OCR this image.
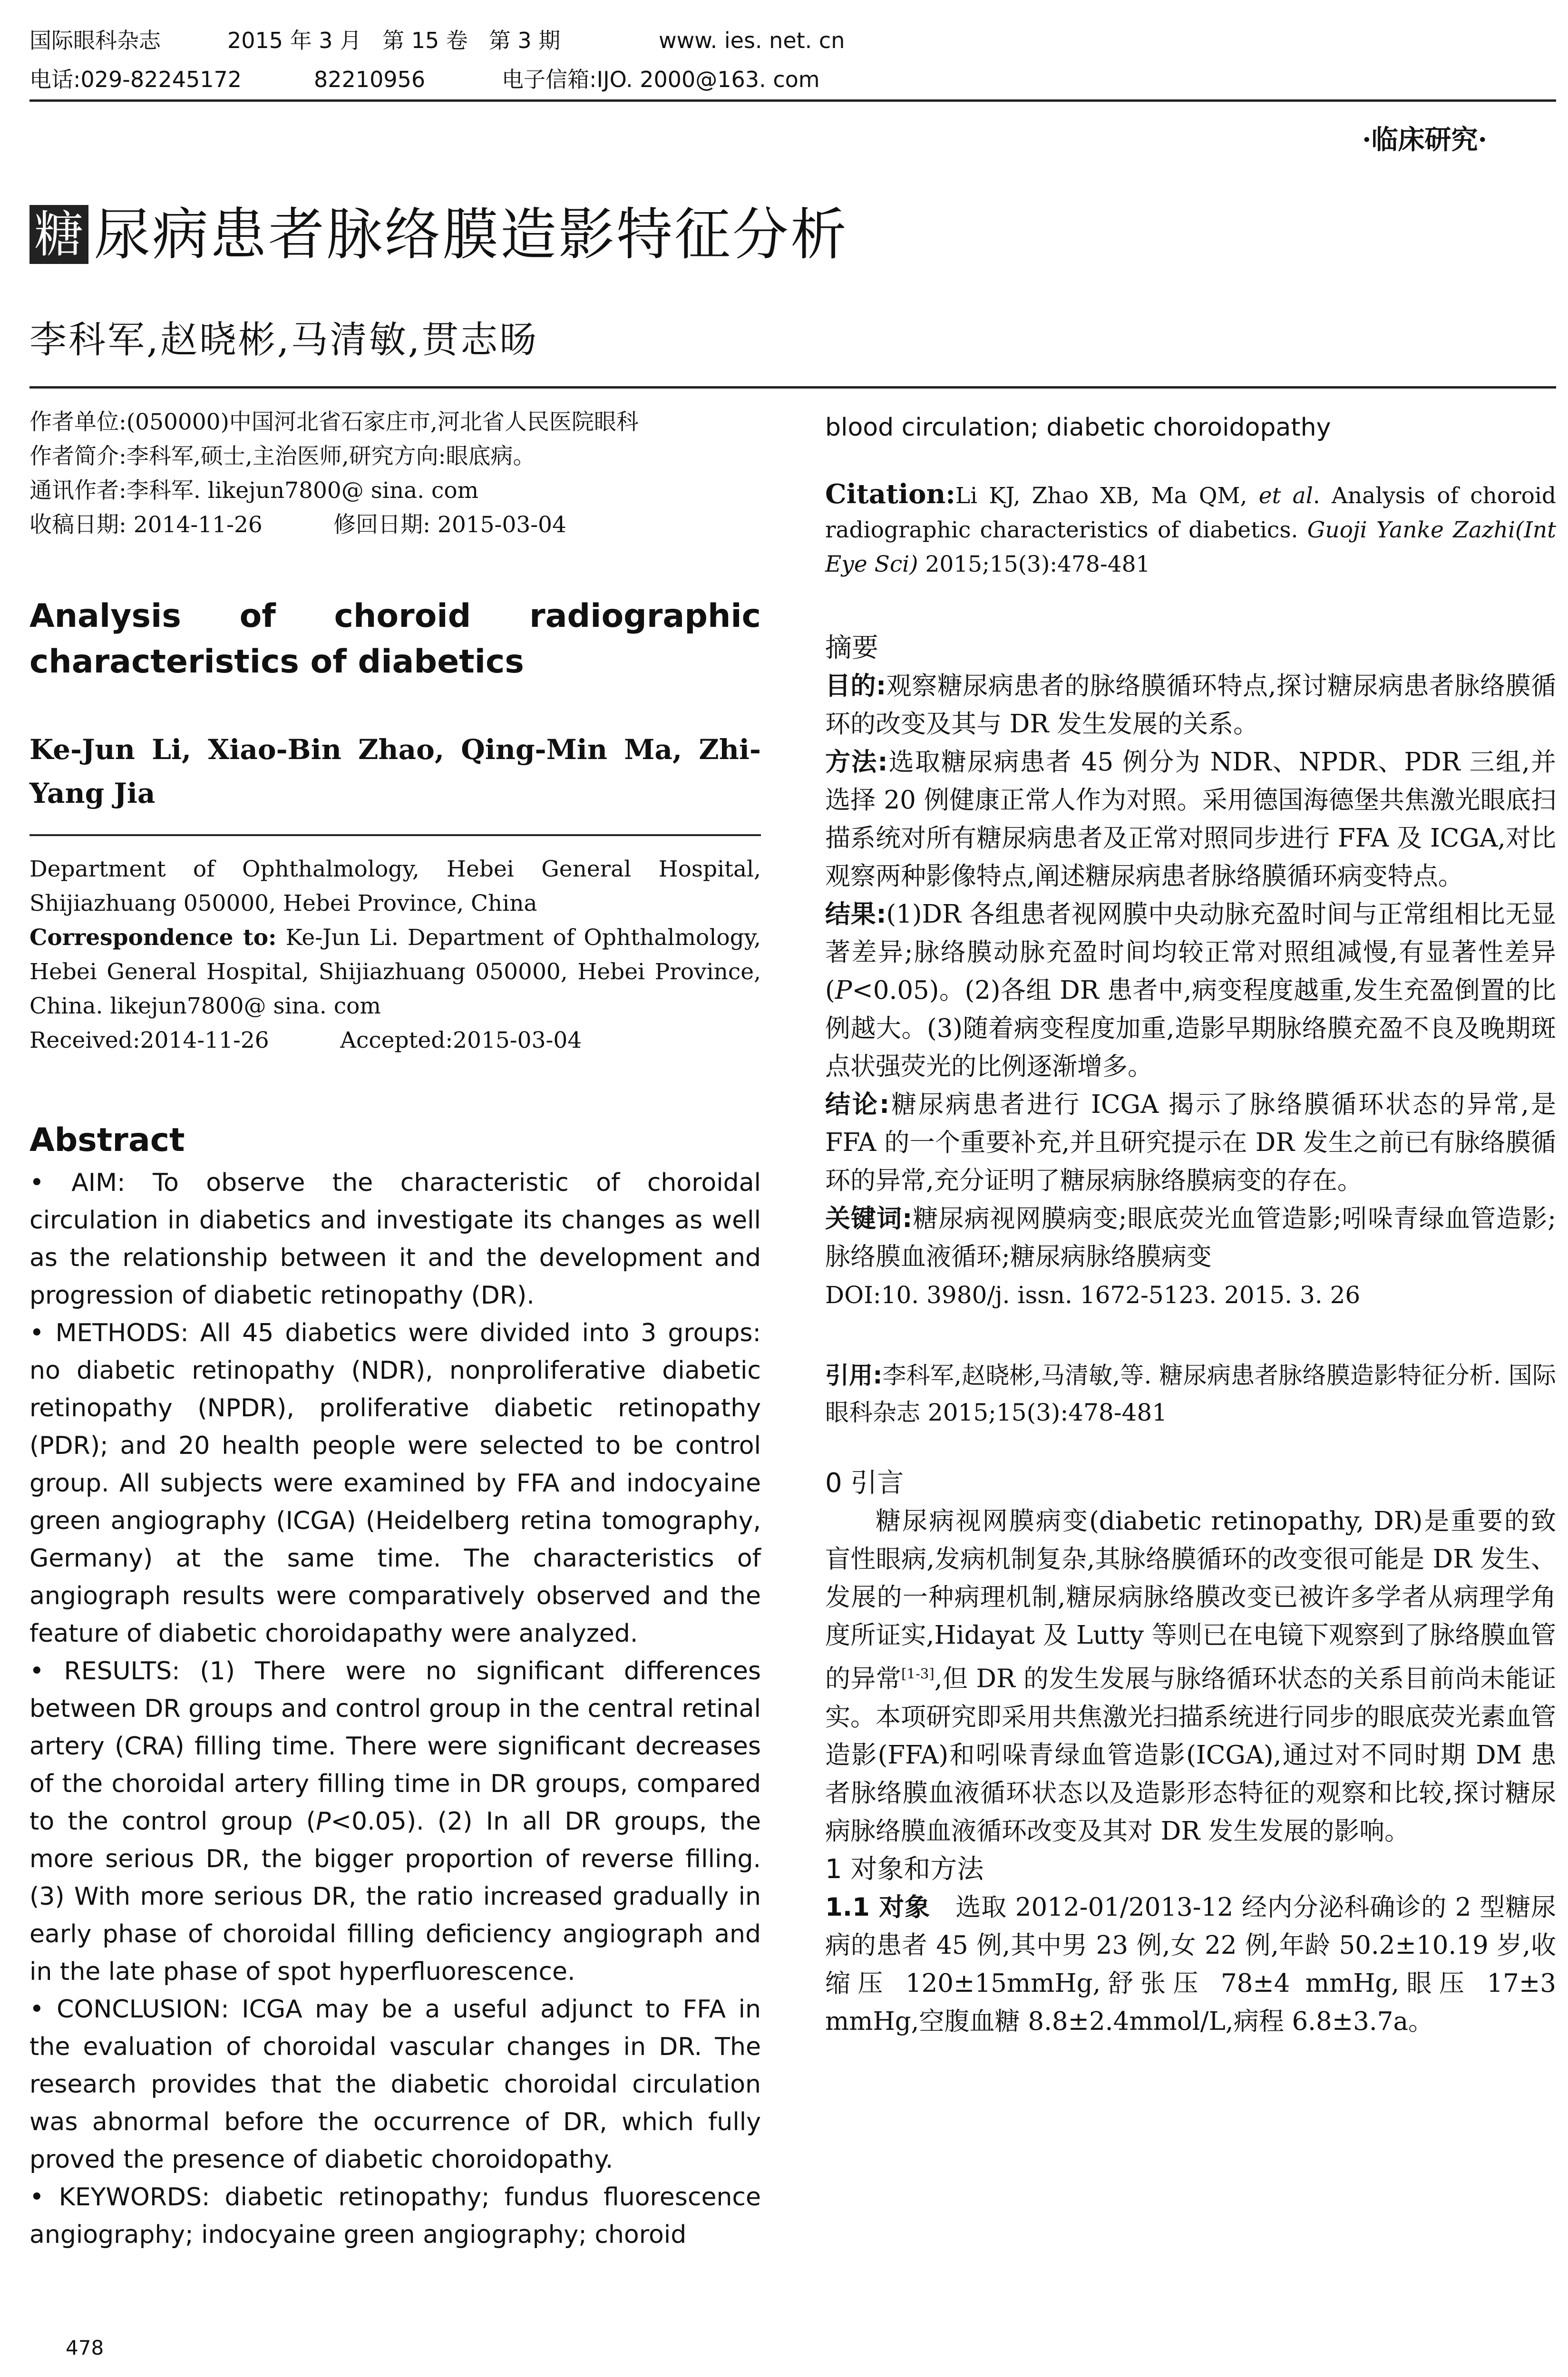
国际眼科杂志	2015 年 3 月   第 15 卷   第 3 期	www. ies. net. cn
电话:029-82245172	82210956	电子信箱:IJO. 2000@163. com
·临床研究·
糖 尿病患者脉络膜造影特征分析
李科军,赵晓彬,马清敏,贯志旸

作者单位:(050000)中国河北省石家庄市,河北省人民医院眼科

作者简介:李科军,硕士,主治医师,研究方向:眼底病。

通讯作者:李科军. likejun7800@ sina. com

收稿日期: 2014-11-26	修回日期: 2015-03-04

Analysis of choroid radiographic
characteristics of diabetics
Ke-Jun Li, Xiao-Bin Zhao, Qing-Min Ma, Zhi-Yang Jia

Department of Ophthalmology, Hebei General Hospital, Shijiazhuang 050000, Hebei Province, China

Correspondence to: Ke-Jun Li. Department of Ophthalmology, Hebei General Hospital, Shijiazhuang 050000, Hebei Province, China. likejun7800@ sina. com

Received:2014-11-26	Accepted:2015-03-04

Abstract

• AIM: To observe the characteristic of choroidal circulation in diabetics and investigate its changes as well as the relationship between it and the development and progression of diabetic retinopathy (DR).

• METHODS: All 45 diabetics were divided into 3 groups: no diabetic retinopathy (NDR), nonproliferative diabetic retinopathy (NPDR), proliferative diabetic retinopathy (PDR); and 20 health people were selected to be control group. All subjects were examined by FFA and indocyaine green angiography (ICGA) (Heidelberg retina tomography, Germany) at the same time. The characteristics of angiograph results were comparatively observed and the feature of diabetic choroidapathy were analyzed.

• RESULTS: (1) There were no significant differences between DR groups and control group in the central retinal artery (CRA) filling time. There were significant decreases of the choroidal artery filling time in DR groups, compared to the control group (P<0.05). (2) In all DR groups, the more serious DR, the bigger proportion of reverse filling. (3) With more serious DR, the ratio increased gradually in early phase of choroidal filling deficiency angiograph and in the late phase of spot hyperfluorescence.

• CONCLUSION: ICGA may be a useful adjunct to FFA in the evaluation of choroidal vascular changes in DR. The research provides that the diabetic choroidal circulation was abnormal before the occurrence of DR, which fully proved the presence of diabetic choroidopathy.

• KEYWORDS: diabetic retinopathy; fundus fluorescence angiography; indocyaine green angiography; choroid

478

blood circulation; diabetic choroidopathy

Citation:Li KJ, Zhao XB, Ma QM, et al. Analysis of choroid radiographic characteristics of diabetics. Guoji Yanke Zazhi(Int Eye Sci) 2015;15(3):478-481

摘要

目的:观察糖尿病患者的脉络膜循环特点,探讨糖尿病患者脉络膜循环的改变及其与 DR 发生发展的关系。

方法:选取糖尿病患者 45 例分为 NDR、NPDR、PDR 三组,并选择 20 例健康正常人作为对照。采用德国海德堡共焦激光眼底扫描系统对所有糖尿病患者及正常对照同步进行 FFA 及 ICGA,对比观察两种影像特点,阐述糖尿病患者脉络膜循环病变特点。

结果:(1)DR 各组患者视网膜中央动脉充盈时间与正常组相比无显著差异;脉络膜动脉充盈时间均较正常对照组减慢,有显著性差异(P<0.05)。(2)各组 DR 患者中,病变程度越重,发生充盈倒置的比例越大。(3)随着病变程度加重,造影早期脉络膜充盈不良及晚期斑点状强荧光的比例逐渐增多。

结论:糖尿病患者进行 ICGA 揭示了脉络膜循环状态的异常,是 FFA 的一个重要补充,并且研究提示在 DR 发生之前已有脉络膜循环的异常,充分证明了糖尿病脉络膜病变的存在。

关键词:糖尿病视网膜病变;眼底荧光血管造影;吲哚青绿血管造影;脉络膜血液循环;糖尿病脉络膜病变

DOI:10. 3980/j. issn. 1672-5123. 2015. 3. 26

引用:李科军,赵晓彬,马清敏,等. 糖尿病患者脉络膜造影特征分析. 国际眼科杂志 2015;15(3):478-481

0 引言

糖尿病视网膜病变(diabetic retinopathy, DR)是重要的致盲性眼病,发病机制复杂,其脉络膜循环的改变很可能是 DR 发生、发展的一种病理机制,糖尿病脉络膜改变已被许多学者从病理学角度所证实,Hidayat 及 Lutty 等则已在电镜下观察到了脉络膜血管的异常[1-3],但 DR 的发生发展与脉络循环状态的关系目前尚未能证实。本项研究即采用共焦激光扫描系统进行同步的眼底荧光素血管造影(FFA)和吲哚青绿血管造影(ICGA),通过对不同时期 DM 患者脉络膜血液循环状态以及造影形态特征的观察和比较,探讨糖尿病脉络膜血液循环改变及其对 DR 发生发展的影响。

1 对象和方法

1.1 对象   选取 2012-01/2013-12 经内分泌科确诊的 2 型糖尿病的患者 45 例,其中男 23 例,女 22 例,年龄 50.2±10.19 岁,收缩压 120±15mmHg,舒张压 78±4 mmHg,眼压 17±3 mmHg,空腹血糖 8.8±2.4mmol/L,病程 6.8±3.7a。
